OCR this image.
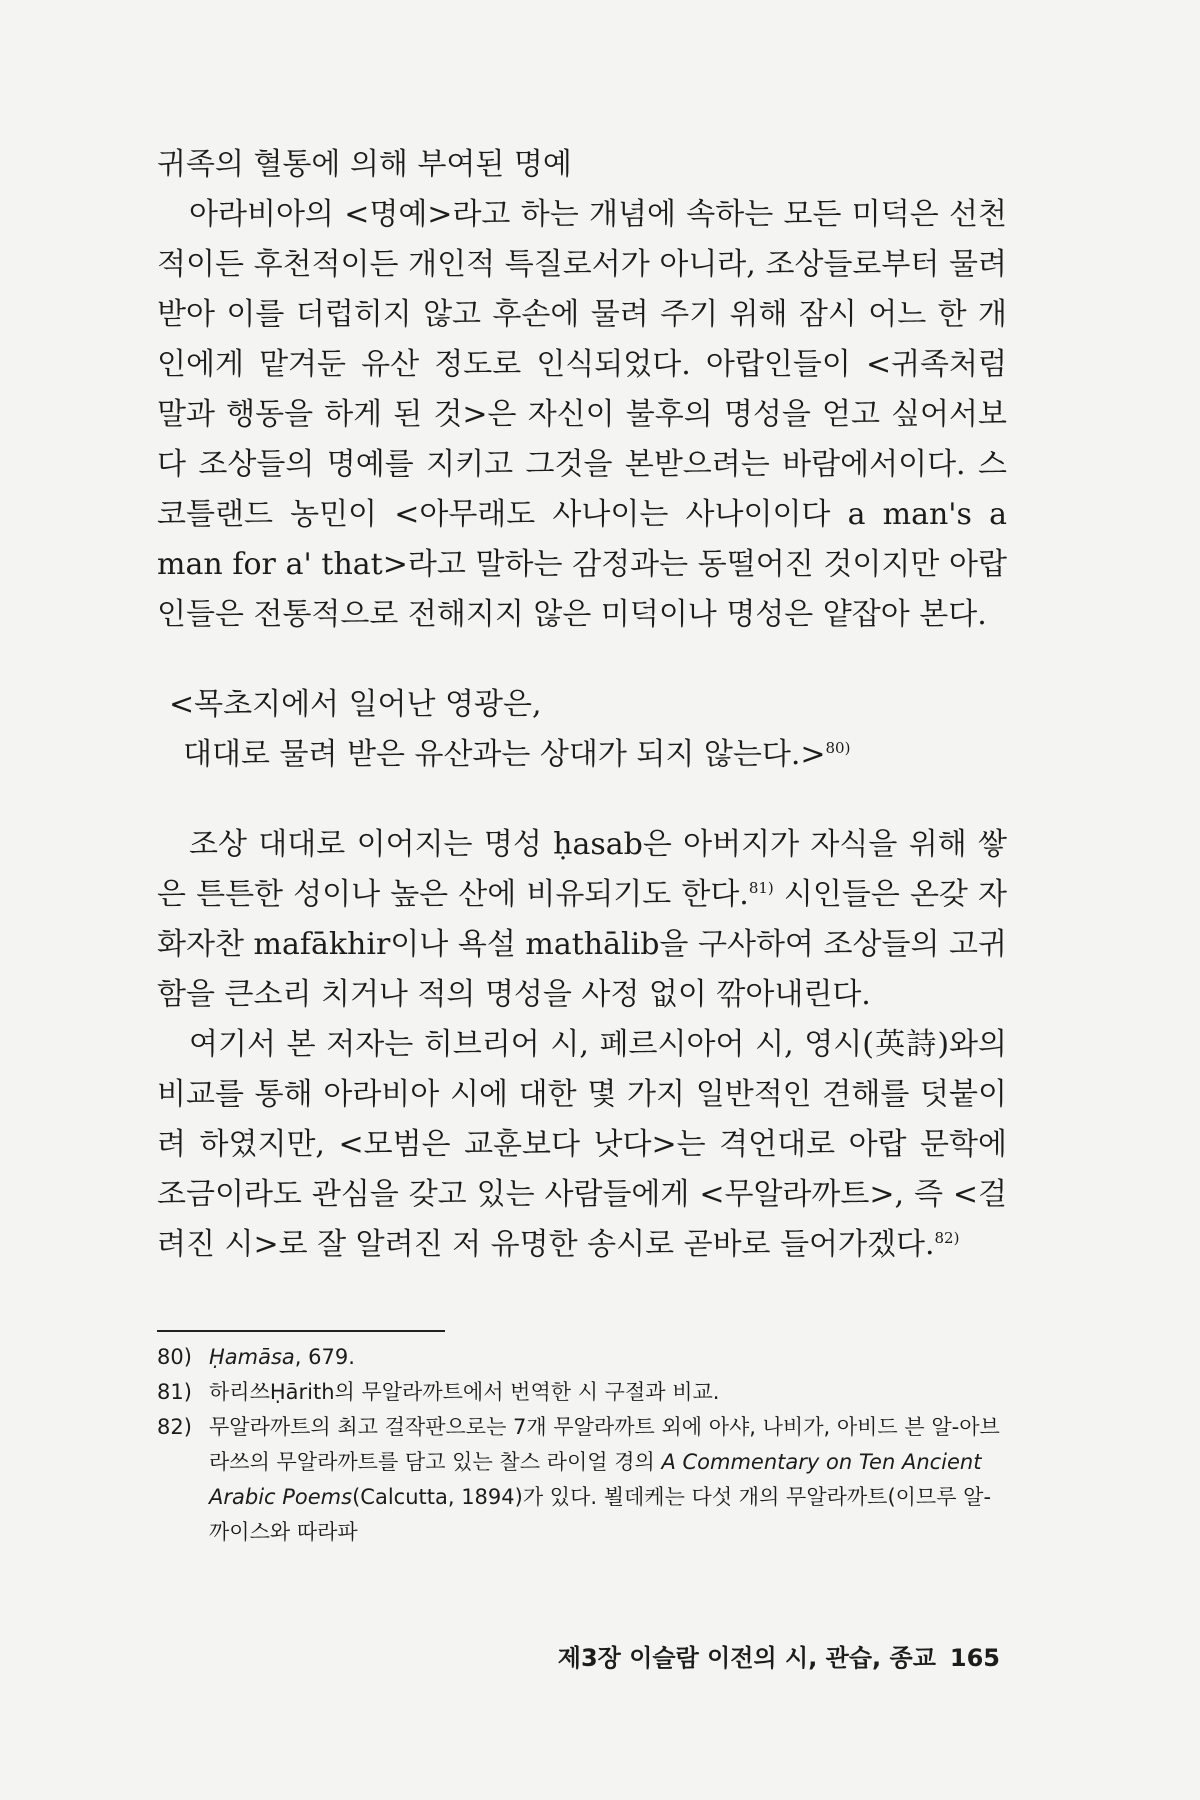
귀족의 혈통에 의해 부여된 명예

아라비아의 <명예>라고 하는 개념에 속하는 모든 미덕은 선천적이든 후천적이든 개인적 특질로서가 아니라, 조상들로부터 물려 받아 이를 더럽히지 않고 후손에 물려 주기 위해 잠시 어느 한 개인에게 맡겨둔 유산 정도로 인식되었다. 아랍인들이 <귀족처럼 말과 행동을 하게 된 것>은 자신이 불후의 명성을 얻고 싶어서보다 조상들의 명예를 지키고 그것을 본받으려는 바람에서이다. 스코틀랜드 농민이 <아무래도 사나이는 사나이이다 a man's a man for a' that>라고 말하는 감정과는 동떨어진 것이지만 아랍인들은 전통적으로 전해지지 않은 미덕이나 명성은 얕잡아 본다.

<목초지에서 일어난 영광은,
대대로 물려 받은 유산과는 상대가 되지 않는다.>$^{80)}$

조상 대대로 이어지는 명성 ḥasab은 아버지가 자식을 위해 쌓은 튼튼한 성이나 높은 산에 비유되기도 한다.$^{81)}$ 시인들은 온갖 자화자찬 mafākhir이나 욕설 mathālib을 구사하여 조상들의 고귀함을 큰소리 치거나 적의 명성을 사정 없이 깎아내린다.

여기서 본 저자는 히브리어 시, 페르시아어 시, 영시(英詩)와의 비교를 통해 아라비아 시에 대한 몇 가지 일반적인 견해를 덧붙이려 하였지만, <모범은 교훈보다 낫다>는 격언대로 아랍 문학에 조금이라도 관심을 갖고 있는 사람들에게 <무알라까트>, 즉 <걸려진 시>로 잘 알려진 저 유명한 송시로 곧바로 들어가겠다.$^{82)}$

80) Ḥamāsa, 679.
81) 하리쓰Ḥārith의 무알라까트에서 번역한 시 구절과 비교.
82) 무알라까트의 최고 걸작판으로는 7개 무알라까트 외에 아샤, 나비가, 아비드 븐 알-아브라쓰의 무알라까트를 담고 있는 찰스 라이얼 경의 A Commentary on Ten Ancient Arabic Poems(Calcutta, 1894)가 있다. 뵐데케는 다섯 개의 무알라까트(이므루 알-까이스와 따라파
제3장 이슬람 이전의 시, 관습, 종교 165
